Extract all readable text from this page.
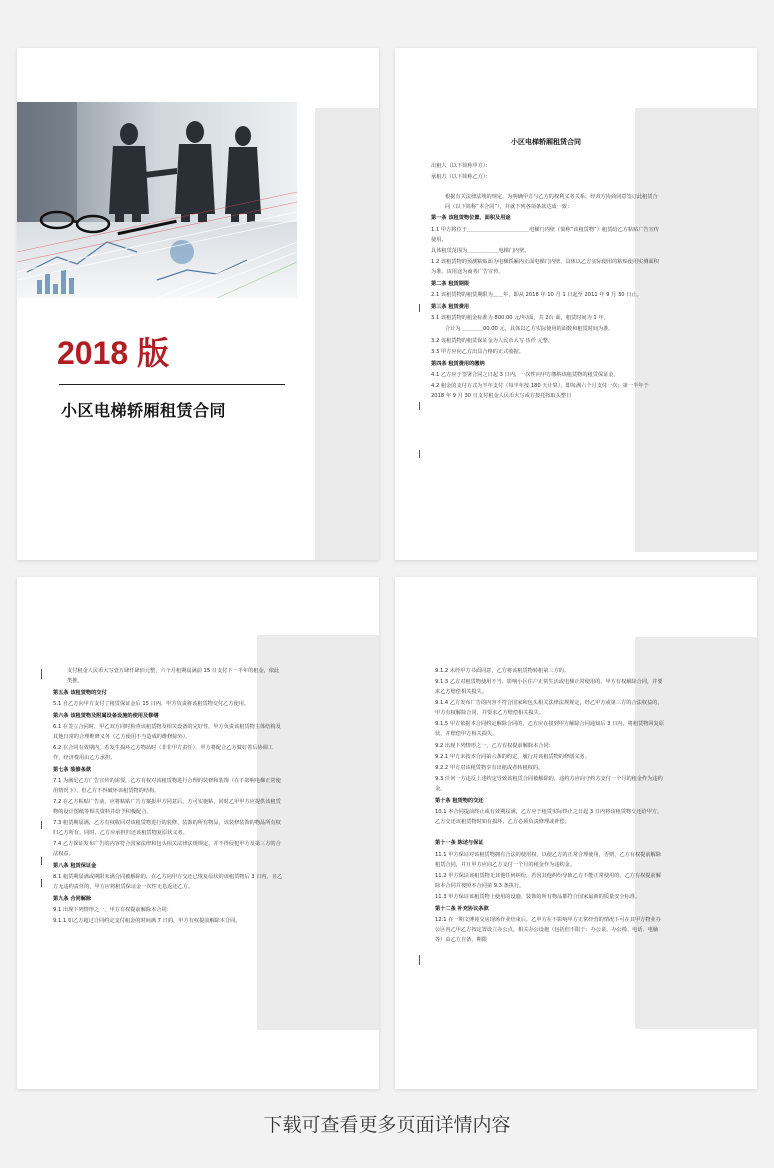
2018 版
小区电梯轿厢租赁合同
小区电梯轿厢租赁合同

出租人（以下简称甲方）：

承租方（以下简称乙方）：

根据有关法律法规的规定，为明确甲方与乙方的权利义务关系，经双方协商同意签订此租赁合同（以下简称“本合同”），并就下列各项条款达成一致：

第一条 该租赁物位置、面积及用途

1.1 甲方将位于＿＿＿＿＿＿＿＿＿＿＿＿电梯门内壁（简称“该租赁物”）租赁给乙方粘贴广告宣传使用。

具体租赁范围为＿＿＿＿＿＿电梯门内壁。

1.2 该租赁物的预测粘贴面为电梯轿厢内正面电梯门内壁，具体以乙方实际使用的粘贴使用实测面积为准。该用途为商务广告宣传。

第二条 租赁期限

2.1 该租赁物的租赁期限为＿＿年，即从 2018 年 10 月 1 日起至 2011 年 9 月 30 日止。

第三条 租赁费用

3.1 该租赁物的租金标准为 800.00 元/年/面，共 2台 面，租赁时间为 1 年，

合计为 ＿＿＿＿00.00 元，具体以乙方实际使用的面数和租赁时间为准。

3.2 该租赁物的租赁保证金为人民币大写 伍仟 元整。

3.3 甲方应向乙方出具合格的正式收据。

第四条 租赁费用的缴纳

4.1 乙方应于签署合同之日起 3 日内，一次性向甲方缴纳该租赁物的租赁保证金。

4.2 租金的支付方式为半年支付（每半年按 180 天计算），即每满六个月支付一次；第一半年于 2018 年 9 月 30 日支付租金人民币大写或方按托按取头整日

支付租金人民币大写壹万肆仟肆佰元整，六个月租期届满前 15 日支付下一半年的租金，依此类推。

第五条 该租赁物的交付

5.1 自乙方向甲方支付了租赁保证金后 15 日内，甲方负责将该租赁物交付乙方使用。

第六条 该租赁物及附属设备设施的使用及修缮

6.1 在签立合同时，甲乙双方同时检查该租赁物及相关设备的完好性。甲方负责该租赁物主体结构及其他日常的合理维修义务（乙方使用不当造成的维修除外）。

6.2 在合同有效期内，若发生损坏乙方物品时（非非甲方责任），甲方将配合乙方做好善后协调工作，经济费用由乙方承担。

第七条 装修条款

7.1 为满足乙方广告宣传的需要，乙方有权对该租赁物进行合理的装修和装饰（在不影响电梯正常使用情况下），但乙方不得破坏该租赁物的结构。

7.2 在乙方粘贴广告前，应将粘贴广告方案报甲方同意后，方可实施粘，同时乙甲甲方应提供该租赁物的设计图纸等相关资料并给予积极配合。

7.3 租赁期届满，乙方有权收回对该租赁物进行的装修、装饰的所有物品，该装修装饰的物品所有权归乙方所有。同时，乙方应承担归还该租赁物复原状义务。

7.4 乙方保证发布广告的内容符合国家法律和包头相关法律法规规定，并不得侵犯甲方及第三方的合法权益。

第八条 租赁保证金

8.1 租赁期届满或期限未满合同被解除的，在乙方向甲方交还已恢复原状的该租赁物后 3 日内，且乙方无违约责任的，甲方应将租赁保证金一次性无息返还乙方。

第九条 合同解除

9.1 出现下列情形之一，甲方有权提前解除本合同：

9.1.1 如乙方超过合同约定支付租金的时间满 7 日的，甲方有权提前解除本合同。

9.1.2 未经甲方书面同意，乙方将该租赁物转租第三方的。

9.1.3 乙方对租赁物使用不当，影响小区住户正常生活或电梯正常使用的，甲方有权解除合同，并要求乙方赔偿相关损失。

9.1.4 乙方发布广告的内容不符合国家和包头相关法律法规规定，经乙甲方或第三方的合法权益的，甲方有权解除合同，并要求乙方赔偿相关损失。

9.1.5 甲方依据本合同约定解除合同的，乙方应在接到甲方解除合同通知后 3 日内，将租赁物回复原状，并赔偿甲方相关损失。

9.2 出现下列情形之一，乙方有权提前解除本合同：

9.2.1 甲方未按本合同第六条的约定，履行对该租赁物的修缮义务。

9.2.2 甲方对该租赁物享有出租或者转租权的。

9.3 任何一方违反上述约定导致该租赁合同被解除的，违约方应向守约方支付一个月的租金作为违约金。

第十条 租赁物的交还

10.1 本合同提前终止或有效期届满，乙方应于租赁实际终止之日起 3 日内将该租赁物交还给甲方。乙方交还该租赁物时如有损坏，乙方必须负责修理或补偿。

第十一条 陈述与保证

11.1 甲方保证对该租赁物拥有合法的使用权，以使乙方的正常合理使用，否则，乙方有权提前解除租赁合同，并且甲方应向乙方支付一个月的租金作为违约金。

11.2 甲方保证该租赁物无其他任何纠纷，若因其他纠纷导致乙方不能正常使用的，乙方有权提前解除本合同并按照本合同第 9.3 条执行。

11.3 甲方保证该租赁物上使用的设施、装饰的所有物品都符合国家最新的质量安全标准。

第十二条 补充协议条款

12.1 在一期文博苑交房现场作业结束后，乙甲方在不影响甲方正常经营的情况下可在其甲方物业办公区内乙甲乙方按定置设立办公点，相关办公设施（包括但不限于：办公桌、办公椅、电话、电脑等）由乙方自备，期限

下载可查看更多页面详情内容
